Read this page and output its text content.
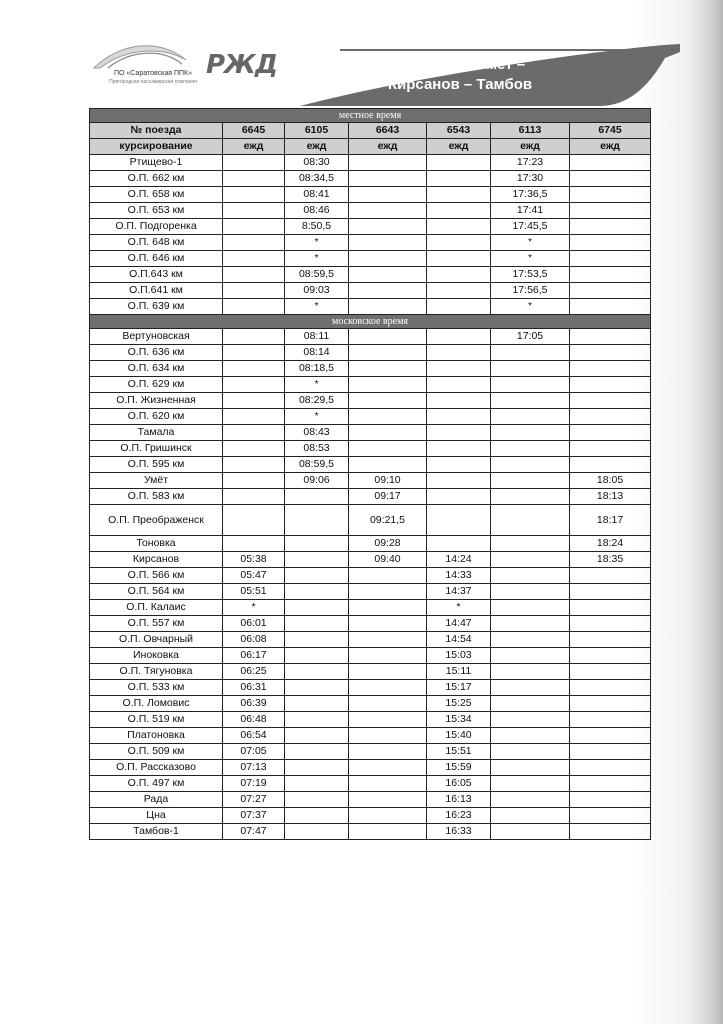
ПО «Саратовская ППК»
Пригородная пассажирская компания
РЖД	Ртищево – Умет –
Кирсанов – Тамбов
местное время						
№ поезда	6645	6105	6643	6543	6113	6745
курсирование	ежд	ежд	ежд	ежд	ежд	ежд
Ртищево-1		08:30			17:23	
О.П. 662 км		08:34,5			17:30	
О.П. 658 км		08:41			17:36,5	
О.П. 653 км		08:46			17:41	
О.П. Подгоренка		8:50,5			17:45,5	
О.П. 648 км		*			*	
О.П. 646 км		*			*	
О.П.643 км		08:59,5			17:53,5	
О.П.641 км		09:03			17:56,5	
О.П. 639 км		*			*	
московское время						
Вертуновская		08:11			17:05	
О.П. 636 км		08:14				
О.П. 634 км		08:18,5				
О.П. 629 км		*				
О.П. Жизненная		08:29,5				
О.П. 620 км		*				
Тамала		08:43				
О.П. Гришинск		08:53				
О.П. 595 км		08:59,5				
Умёт		09:06	09:10			18:05
О.П. 583 км			09:17			18:13
О.П. Преображенск			09:21,5			18:17
Тоновка			09:28			18:24
Кирсанов	05:38		09:40	14:24		18:35
О.П. 566 км	05:47			14:33		
О.П. 564 км	05:51			14:37		
О.П. Калаис	*			*		
О.П. 557 км	06:01			14:47		
О.П. Овчарный	06:08			14:54		
Иноковка	06:17			15:03		
О.П. Тягуновка	06:25			15:11		
О.П. 533 км	06:31			15:17		
О.П. Ломовис	06:39			15:25		
О.П. 519 км	06:48			15:34		
Платоновка	06:54			15:40		
О.П. 509 км	07:05			15:51		
О.П. Рассказово	07:13			15:59		
О.П. 497 км	07:19			16:05		
Рада	07:27			16:13		
Цна	07:37			16:23		
Тамбов-1	07:47			16:33		
